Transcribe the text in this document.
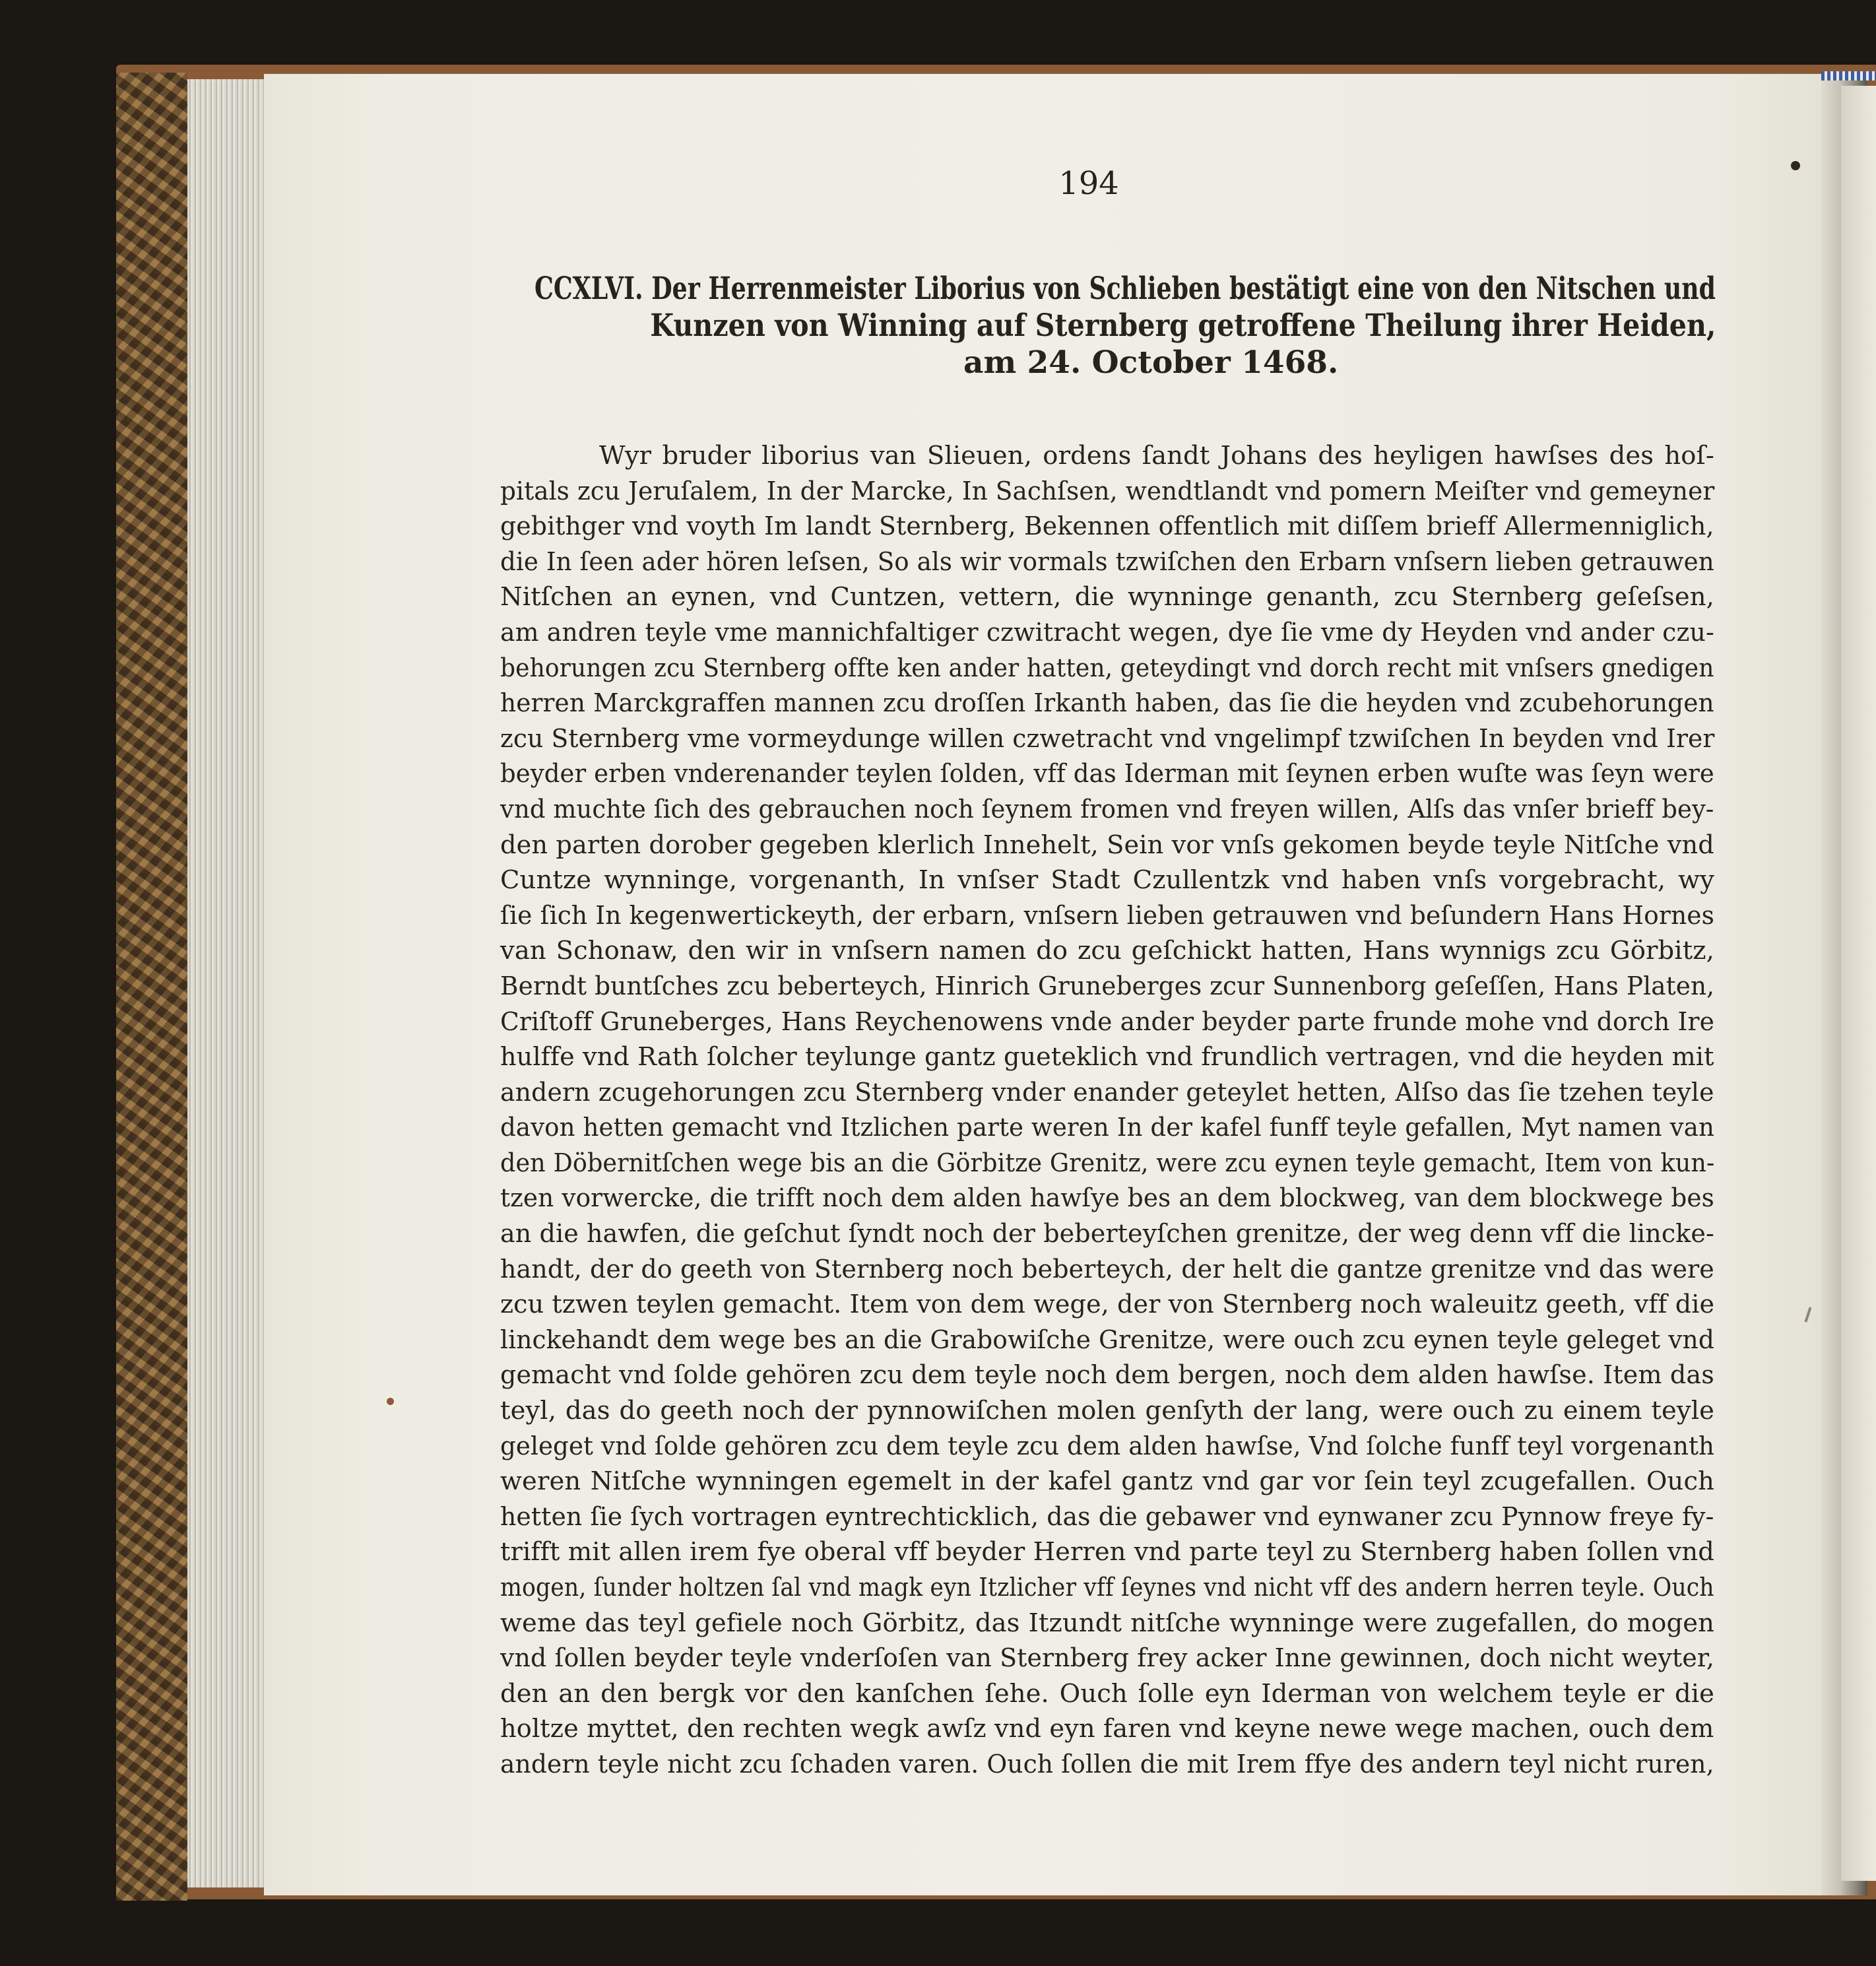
194
CCXLVI. Der Herrenmeister Liborius von Schlieben bestätigt eine von den Nitschen und
Kunzen von Winning auf Sternberg getroffene Theilung ihrer Heiden,
am 24. October 1468.
Wyr bruder liborius van Slieuen, ordens ſandt Johans des heyligen hawſses des hoſ-
pitals zcu Jeruſalem, In der Marcke, In Sachſsen, wendtlandt vnd pomern Meiſter vnd gemeyner
gebithger vnd voyth Im landt Sternberg, Bekennen offentlich mit diſſem brieff Allermenniglich,
die In ſeen ader hören leſsen, So als wir vormals tzwiſchen den Erbarn vnſsern lieben getrauwen
Nitſchen an eynen, vnd Cuntzen, vettern, die wynninge genanth, zcu Sternberg geſeſsen,
am andren teyle vme mannichfaltiger czwitracht wegen, dye ſie vme dy Heyden vnd ander czu-
behorungen zcu Sternberg offte ken ander hatten, geteydingt vnd dorch recht mit vnſsers gnedigen
herren Marckgraffen mannen zcu droſſen Irkanth haben, das ſie die heyden vnd zcubehorungen
zcu Sternberg vme vormeydunge willen czwetracht vnd vngelimpf tzwiſchen In beyden vnd Irer
beyder erben vnderenander teylen ſolden, vff das Iderman mit ſeynen erben wuſte was ſeyn were
vnd muchte ſich des gebrauchen noch ſeynem fromen vnd freyen willen, Alſs das vnſer brieff bey-
den parten dorober gegeben klerlich Innehelt, Sein vor vnſs gekomen beyde teyle Nitſche vnd
Cuntze wynninge, vorgenanth, In vnſser Stadt Czullentzk vnd haben vnſs vorgebracht, wy
ſie ſich In kegenwertickeyth, der erbarn, vnſsern lieben getrauwen vnd beſundern Hans Hornes
van Schonaw, den wir in vnſsern namen do zcu geſchickt hatten, Hans wynnigs zcu Görbitz,
Berndt buntſches zcu beberteych, Hinrich Gruneberges zcur Sunnenborg geſeſſen, Hans Platen,
Criſtoff Gruneberges, Hans Reychenowens vnde ander beyder parte frunde mohe vnd dorch Ire
hulffe vnd Rath ſolcher teylunge gantz gueteklich vnd frundlich vertragen, vnd die heyden mit
andern zcugehorungen zcu Sternberg vnder enander geteylet hetten, Alſso das ſie tzehen teyle
davon hetten gemacht vnd Itzlichen parte weren In der kafel funff teyle gefallen, Myt namen van
den Döbernitſchen wege bis an die Görbitze Grenitz, were zcu eynen teyle gemacht, Item von kun-
tzen vorwercke, die trifft noch dem alden hawſye bes an dem blockweg, van dem blockwege bes
an die hawfen, die geſchut ſyndt noch der beberteyſchen grenitze, der weg denn vff die lincke-
handt, der do geeth von Sternberg noch beberteych, der helt die gantze grenitze vnd das were
zcu tzwen teylen gemacht. Item von dem wege, der von Sternberg noch waleuitz geeth, vff die
linckehandt dem wege bes an die Grabowiſche Grenitze, were ouch zcu eynen teyle geleget vnd
gemacht vnd ſolde gehören zcu dem teyle noch dem bergen, noch dem alden hawſse. Item das
teyl, das do geeth noch der pynnowiſchen molen genſyth der lang, were ouch zu einem teyle
geleget vnd ſolde gehören zcu dem teyle zcu dem alden hawſse, Vnd ſolche funff teyl vorgenanth
weren Nitſche wynningen egemelt in der kafel gantz vnd gar vor ſein teyl zcugefallen. Ouch
hetten ſie ſych vortragen eyntrechticklich, das die gebawer vnd eynwaner zcu Pynnow freye fy-
trifft mit allen irem fye oberal vff beyder Herren vnd parte teyl zu Sternberg haben ſollen vnd
mogen, ſunder holtzen ſal vnd magk eyn Itzlicher vff ſeynes vnd nicht vff des andern herren teyle. Ouch
weme das teyl gefiele noch Görbitz, das Itzundt nitſche wynninge were zugefallen, do mogen
vnd ſollen beyder teyle vnderſoſen van Sternberg frey acker Inne gewinnen, doch nicht weyter,
den an den bergk vor den kanſchen ſehe. Ouch ſolle eyn Iderman von welchem teyle er die
holtze myttet, den rechten wegk awſz vnd eyn faren vnd keyne newe wege machen, ouch dem
andern teyle nicht zcu ſchaden varen. Ouch ſollen die mit Irem ffye des andern teyl nicht ruren,
